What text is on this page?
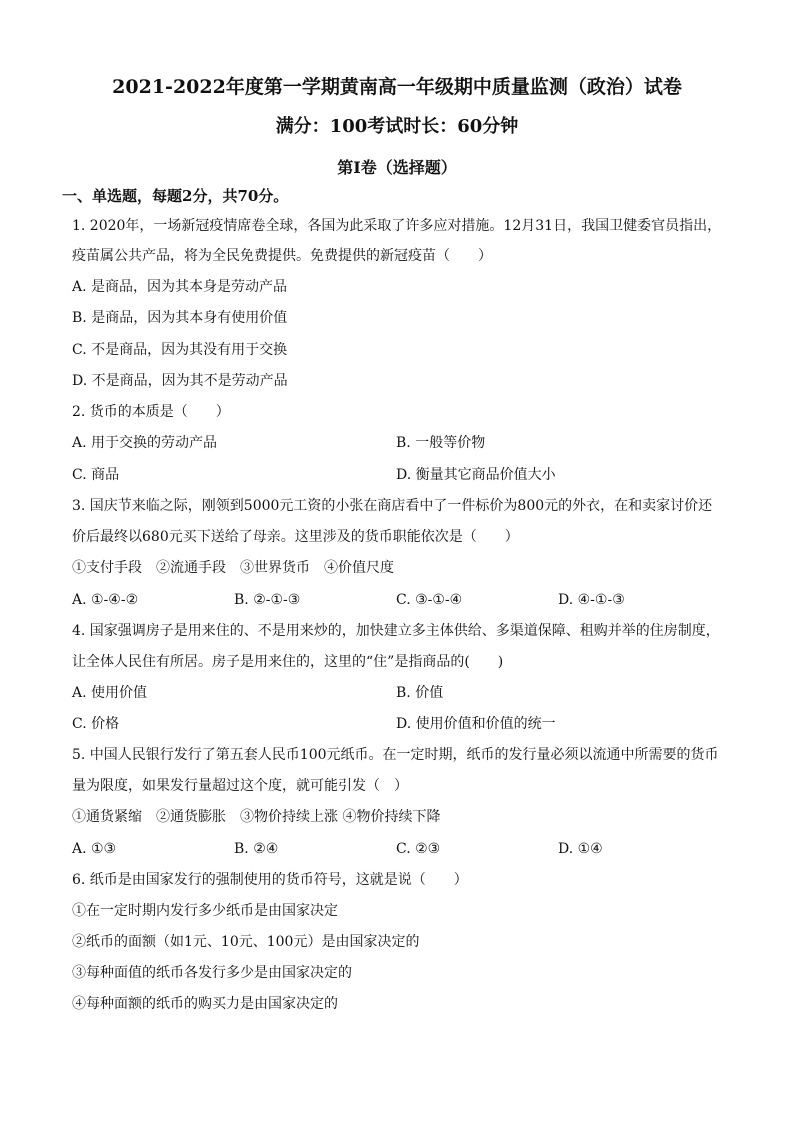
2021-2022年度第一学期黄南高一年级期中质量监测（政治）试卷
满分：100考试时长：60分钟
第Ⅰ卷（选择题）
一、单选题，每题2分，共70分。
1. 2020年，一场新冠疫情席卷全球，各国为此采取了许多应对措施。12月31日，我国卫健委官员指出，
疫苗属公共产品，将为全民免费提供。免费提供的新冠疫苗（　　）
A. 是商品，因为其本身是劳动产品
B. 是商品，因为其本身有使用价值
C. 不是商品，因为其没有用于交换
D. 不是商品，因为其不是劳动产品
2. 货币的本质是（　　）
A. 用于交换的劳动产品	B. 一般等价物
C. 商品	D. 衡量其它商品价值大小
3. 国庆节来临之际，刚领到5000元工资的小张在商店看中了一件标价为800元的外衣，在和卖家讨价还
价后最终以680元买下送给了母亲。这里涉及的货币职能依次是（　　）
①支付手段　②流通手段　③世界货币　④价值尺度
A. ①-④-②	B. ②-①-③	C. ③-①-④	D. ④-①-③
4. 国家强调房子是用来住的、不是用来炒的，加快建立多主体供给、多渠道保障、租购并举的住房制度，
让全体人民住有所居。房子是用来住的，这里的“住”是指商品的(　　)
A. 使用价值	B. 价值
C. 价格	D. 使用价值和价值的统一
5. 中国人民银行发行了第五套人民币100元纸币。在一定时期，纸币的发行量必须以流通中所需要的货币
量为限度，如果发行量超过这个度，就可能引发（　）
①通货紧缩　②通货膨胀　③物价持续上涨 ④物价持续下降
A. ①③	B. ②④	C. ②③	D. ①④
6. 纸币是由国家发行的强制使用的货币符号，这就是说（　　）
①在一定时期内发行多少纸币是由国家决定
②纸币的面额（如1元、10元、100元）是由国家决定的
③每种面值的纸币各发行多少是由国家决定的
④每种面额的纸币的购买力是由国家决定的
